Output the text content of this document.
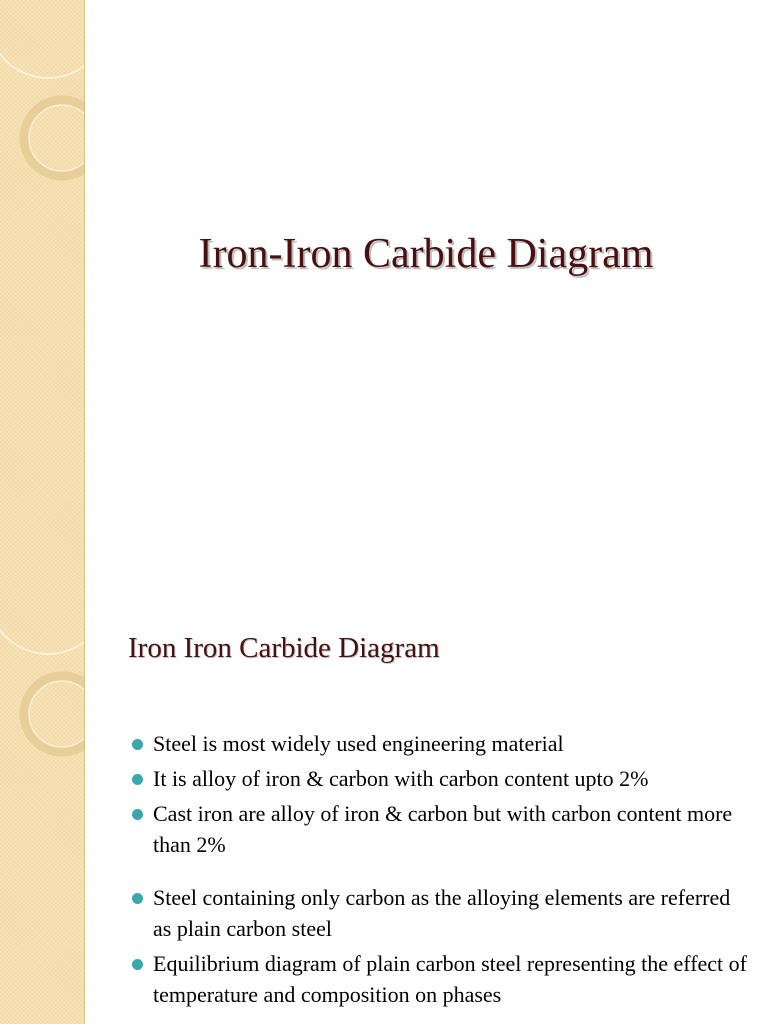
Iron-Iron Carbide Diagram
Iron Iron Carbide Diagram
Steel is most widely used engineering material
It is alloy of iron & carbon with carbon content upto 2%
Cast iron are alloy of iron & carbon but with carbon content more than 2%
Steel containing only carbon as the alloying elements are referred as plain carbon steel
Equilibrium diagram of plain carbon steel representing the effect of temperature and composition on phases
